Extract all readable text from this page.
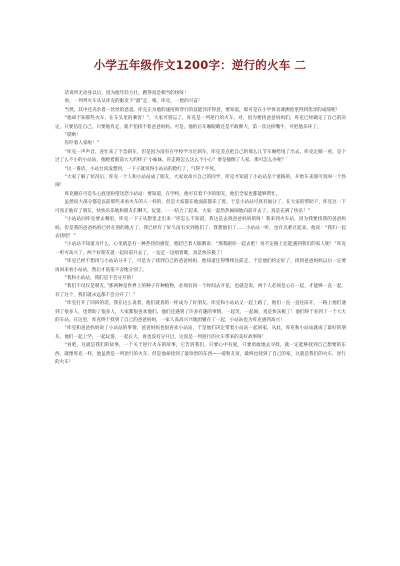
小学五年级作文1200字：逆行的火车 二

话说所无动身以后，因为他年轻力壮，跑得真是相当的快呀！

看，一列列火车从从库克的眼皮下“溜”走，唯，库克，一脸的兴奋！

当然，其中还夹杂着一丝丝的恶意。库克正为他的速度和穿行的技能洋洋得意。要知道，那可是在小学体育课测验里得到优异的成绩呢！

“他却不知那些火车，在车头里的乘客！”，大家可别忘了，库克是一列逆行的火车，对，因为要找爸爸妈妈们，库克已经确定了自己的决定，只要信任自己，只要他肯走，就不怕找不着爸爸妈妈。可是，他的后车厢眼睛还是不敢睁大，第一次这样嘴牛，可把他乐坏了。

“哎哟！

你吓着人家啦！”

“库克一声声音，连忙来了个急刹车，但是因为没有在学校学习过刹车，库克差点把自己的那么几节车厢给甩了出去。库克定睛一看，是个过了么不小的小站站，他瞪着眼前大大的样子‘小妹妹，你走路怎么这么不小心？要是撞倒了人家，那可怎么办呢？’

“这一番话，小站台真没想到，一下子就说得小站站的脸红了，气得个半死。

“大家了解了状况后，库克一个人和小站站成了朋友，大家欢高兴自己的同学，库克才知道了小站站是个迷路的，开始车来那可真叫一个热闹！

库克掩在可是头心底里盼望送您小站站：要知道，在学校，他可有着不少的朋友，他们全家也都能够帮忙。

虽然说大部分都是以前那些来看火车的人一样的，但是大家都在他面前都乐了着。于是小站站可真有福分了，在大家的帮助下，库克这一下可真正地有了朋友，快快乐乐地和朋友们聊天、玩耍，一一结合了起来，大家一起热热闹闹地向前开去了，真是充满了快乐！”

“小站站问库克要去哪里，库克一下子从想里走出来：”你怎么不知道，我这是去找爸爸妈妈的呀！我来到火车站，因为我要找我的爸爸妈妈，但是我的爸爸妈妈已经在别的地方了，我已经有了好久没有见到他们了，我想他们了……小站站一听，也有点难过起来，他说：“我们一起去找吧！”

“小站站不知道为什么，心里就是有一种热热的感觉，他眨巴着大眼睛说：“那我跟你一起去吧！说不定路上还能遇到我们的家人呢！”库克一听可高兴了，两个好朋友就一起向前开去了，一边走一边唱着歌，真是快乐极了！

“库克已经不想再与小站站分开了，可是为了找到自己的爸爸妈妈，他知道还得继续往前走，于是他们约定好了，找到爸爸妈妈以后一定要再回来看小站站，然后才依依不舍地分别了。

“我和小站站，我们是不会分开的！

“我们不仅仅是朋友，”那两种是世界上的种子有种植物，必须有同一个时间去开花，也就是说，两个人必须是心在一起，才能够一直一起，有了这个，我们就永远都不会分开了！”

“库克打开了回回的话，我在这么说着，他们就真的一样成为了好朋友。库克和小站站又一起上路了，他们一直一直往前开，一路上他们遇到了很多人，也帮助了很多人，大家都很喜欢他们。他们还遇到了许多有趣的事情，一起笑，一起闹，真是快乐极了！他们终于来到了一个大大的车站，在这里，库克终于找到了自己的爸爸妈妈，一家人高高兴兴地团聚在了一起，小站站也为库克感到高兴！

“库克和爸爸妈妈说了小站站的事情，爸爸妈妈也很喜欢小站站，于是他们决定带着小站站一起回家，从此，库克和小站站就成了最好的朋友，他们一起上学，一起玩耍，一起长大，再也没有分开过。这真是一列逆行的火车带来的美好故事呀！

“看吧，这就是我们的故事，一个关于逆行火车的故事，它告诉我们，只要心中有爱，只要勇敢地去寻找，就一定能够找到自己想要的东西。就像库克一样，他虽然是一列逆行的火车，但是他却找到了最珍贵的东西——爱和友谊，最终也找到了自己的家，这就是我们的火车，逆行的火车！
